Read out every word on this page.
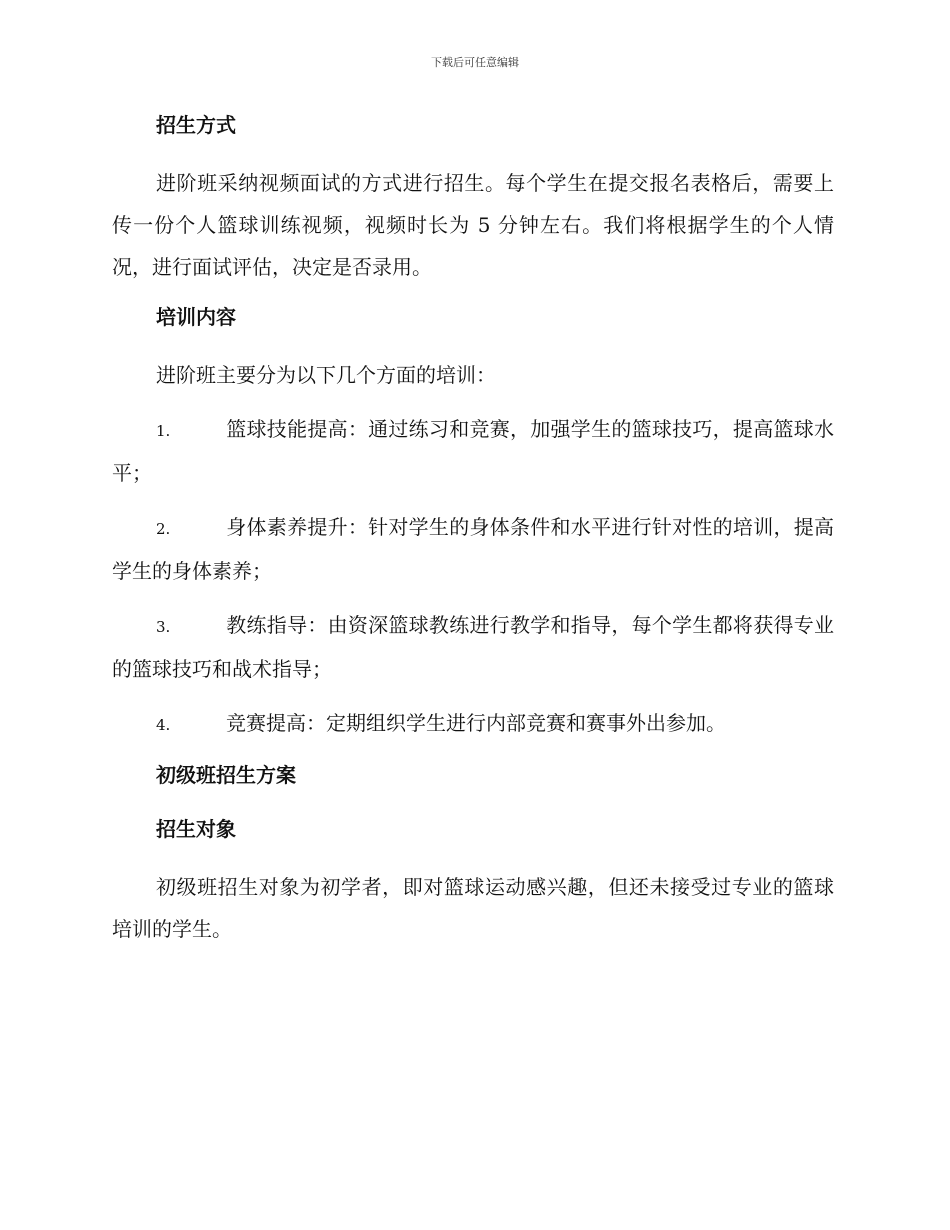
下载后可任意编辑
招生方式

进阶班采纳视频面试的方式进行招生。每个学生在提交报名表格后，需要上传一份个人篮球训练视频，视频时长为 5 分钟左右。我们将根据学生的个人情况，进行面试评估，决定是否录用。

培训内容

进阶班主要分为以下几个方面的培训：

1.	篮球技能提高：通过练习和竞赛，加强学生的篮球技巧，提高篮球水平；

2.	身体素养提升：针对学生的身体条件和水平进行针对性的培训，提高学生的身体素养；

3.	教练指导：由资深篮球教练进行教学和指导，每个学生都将获得专业的篮球技巧和战术指导；

4.	竞赛提高：定期组织学生进行内部竞赛和赛事外出参加。

初级班招生方案
招生对象

初级班招生对象为初学者，即对篮球运动感兴趣，但还未接受过专业的篮球培训的学生。
